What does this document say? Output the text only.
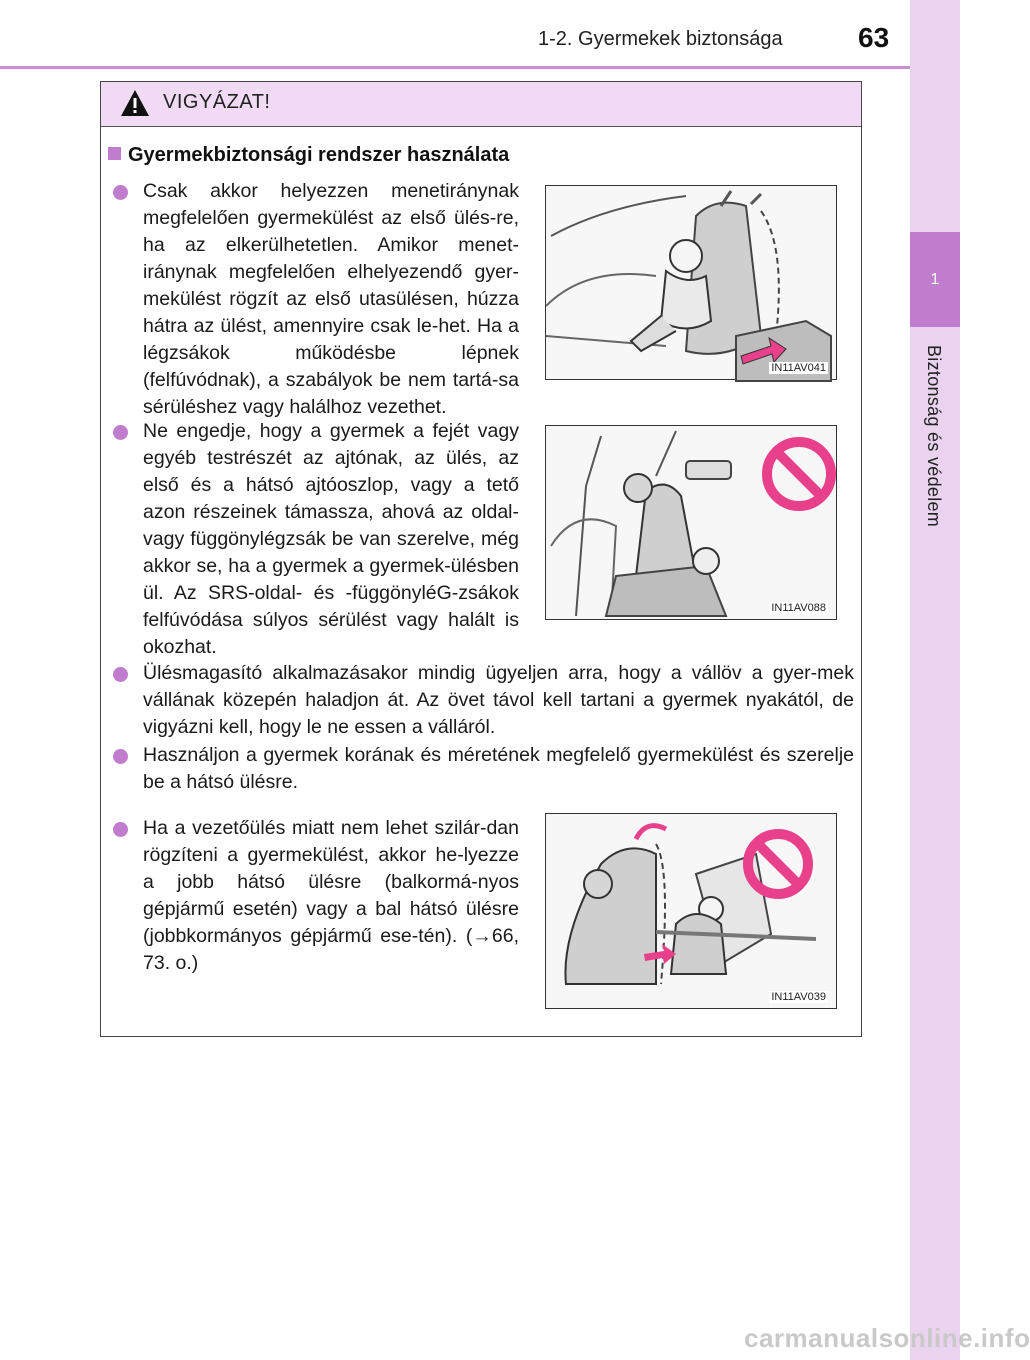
1-2. Gyermekek biztonsága	63
1
Biztonság és védelem
VIGYÁZAT!
Gyermekbiztonsági rendszer használata
Csak akkor helyezzen menetiránynak megfelelően gyermekülést az első ülés-re, ha az elkerülhetetlen. Amikor menet-iránynak megfelelően elhelyezendő gyer-mekülést rögzít az első utasülésen, húzza hátra az ülést, amennyire csak le-het. Ha a légzsákok működésbe lépnek (felfúvódnak), a szabályok be nem tartá-sa sérüléshez vagy halálhoz vezethet.
IN11AV041
Ne engedje, hogy a gyermek a fejét vagy egyéb testrészét az ajtónak, az ülés, az első és a hátsó ajtóoszlop, vagy a tető azon részeinek támassza, ahová az oldal-vagy függönylégzsák be van szerelve, még akkor se, ha a gyermek a gyermek-ülésben ül. Az SRS-oldal- és -függönyléG-zsákok felfúvódása súlyos sérülést vagy halált is okozhat.
IN11AV088
Ülésmagasító alkalmazásakor mindig ügyeljen arra, hogy a vállöv a gyer-mek vállának közepén haladjon át. Az övet távol kell tartani a gyermek nyakától, de vigyázni kell, hogy le ne essen a válláról.
Használjon a gyermek korának és méretének megfelelő gyermekülést és szerelje be a hátsó ülésre.
Ha a vezetőülés miatt nem lehet szilár-dan rögzíteni a gyermekülést, akkor he-lyezze a jobb hátsó ülésre (balkormá-nyos gépjármű esetén) vagy a bal hátsó ülésre (jobbkormányos gépjármű ese-tén). (→66, 73. o.)
IN11AV039
carmanualsonline.info
